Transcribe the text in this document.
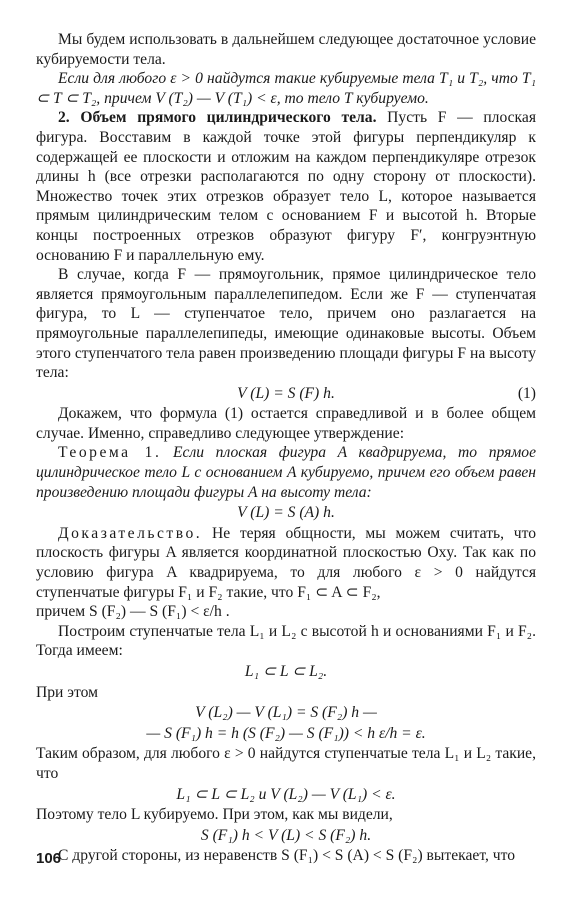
Мы будем использовать в дальнейшем следующее достаточное условие кубируемости тела.

Если для любого ε > 0 найдутся такие кубируемые тела T₁ и T₂, что T₁ ⊂ T ⊂ T₂, причем V (T₂) — V (T₁) < ε, то тело T кубируемо.

2. Объем прямого цилиндрического тела. Пусть F — плоская фигура. Восставим в каждой точке этой фигуры перпендикуляр к содержащей ее плоскости и отложим на каждом перпендикуляре отрезок длины h (все отрезки располагаются по одну сторону от плоскости). Множество точек этих отрезков образует тело L, которое называется прямым цилиндрическим телом с основанием F и высотой h. Вторые концы построенных отрезков образуют фигуру F′, конгруэнтную основанию F и параллельную ему.

В случае, когда F — прямоугольник, прямое цилиндрическое тело является прямоугольным параллелепипедом. Если же F — ступенчатая фигура, то L — ступенчатое тело, причем оно разлагается на прямоугольные параллелепипеды, имеющие одинаковые высоты. Объем этого ступенчатого тела равен произведению площади фигуры F на высоту тела:

V (L) = S (F) h.	(1)

Докажем, что формула (1) остается справедливой и в более общем случае. Именно, справедливо следующее утверждение:

Теорема 1. Если плоская фигура A квадрируема, то прямое цилиндрическое тело L с основанием A кубируемо, причем его объем равен произведению площади фигуры A на высоту тела:

V (L) = S (A) h.

Доказательство. Не теряя общности, мы можем считать, что плоскость фигуры A является координатной плоскостью Oxy. Так как по условию фигура A квадрируема, то для любого ε > 0 найдутся ступенчатые фигуры F₁ и F₂ такие, что F₁ ⊂ A ⊂ F₂,

причем S (F₂) — S (F₁) < ε/h .

Построим ступенчатые тела L₁ и L₂ с высотой h и основаниями F₁ и F₂. Тогда имеем:

L₁ ⊂ L ⊂ L₂.

При этом

V (L₂) — V (L₁) = S (F₂) h —
— S (F₁) h = h (S (F₂) — S (F₁)) < h ε/h = ε.

Таким образом, для любого ε > 0 найдутся ступенчатые тела L₁ и L₂ такие, что

L₁ ⊂ L ⊂ L₂ и V (L₂) — V (L₁) < ε.

Поэтому тело L кубируемо. При этом, как мы видели,

S (F₁) h < V (L) < S (F₂) h.

С другой стороны, из неравенств S (F₁) < S (A) < S (F₂) вытекает, что

106
